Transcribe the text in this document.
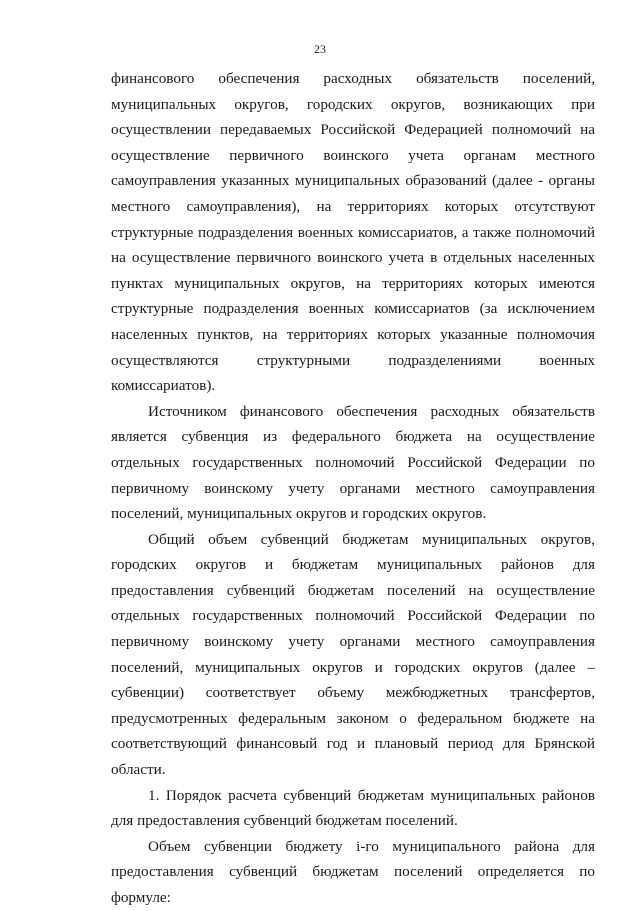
23

финансового обеспечения расходных обязательств поселений, муниципальных округов, городских округов, возникающих при осуществлении передаваемых Российской Федерацией полномочий на осуществление первичного воинского учета органам местного самоуправления указанных муниципальных образований (далее - органы местного самоуправления), на территориях которых отсутствуют структурные подразделения военных комиссариатов, а также полномочий на осуществление первичного воинского учета в отдельных населенных пунктах муниципальных округов, на территориях которых имеются структурные подразделения военных комиссариатов (за исключением населенных пунктов, на территориях которых указанные полномочия осуществляются структурными подразделениями военных комиссариатов).

Источником финансового обеспечения расходных обязательств является субвенция из федерального бюджета на осуществление отдельных государственных полномочий Российской Федерации по первичному воинскому учету органами местного самоуправления поселений, муниципальных округов и городских округов.

Общий объем субвенций бюджетам муниципальных округов, городских округов и бюджетам муниципальных районов для предоставления субвенций бюджетам поселений на осуществление отдельных государственных полномочий Российской Федерации по первичному воинскому учету органами местного самоуправления поселений, муниципальных округов и городских округов (далее – субвенции) соответствует объему межбюджетных трансфертов, предусмотренных федеральным законом о федеральном бюджете на соответствующий финансовый год и плановый период для Брянской области.

1. Порядок расчета субвенций бюджетам муниципальных районов для предоставления субвенций бюджетам поселений.

Объем субвенции бюджету i-го муниципального района для предоставления субвенций бюджетам поселений определяется по формуле:
